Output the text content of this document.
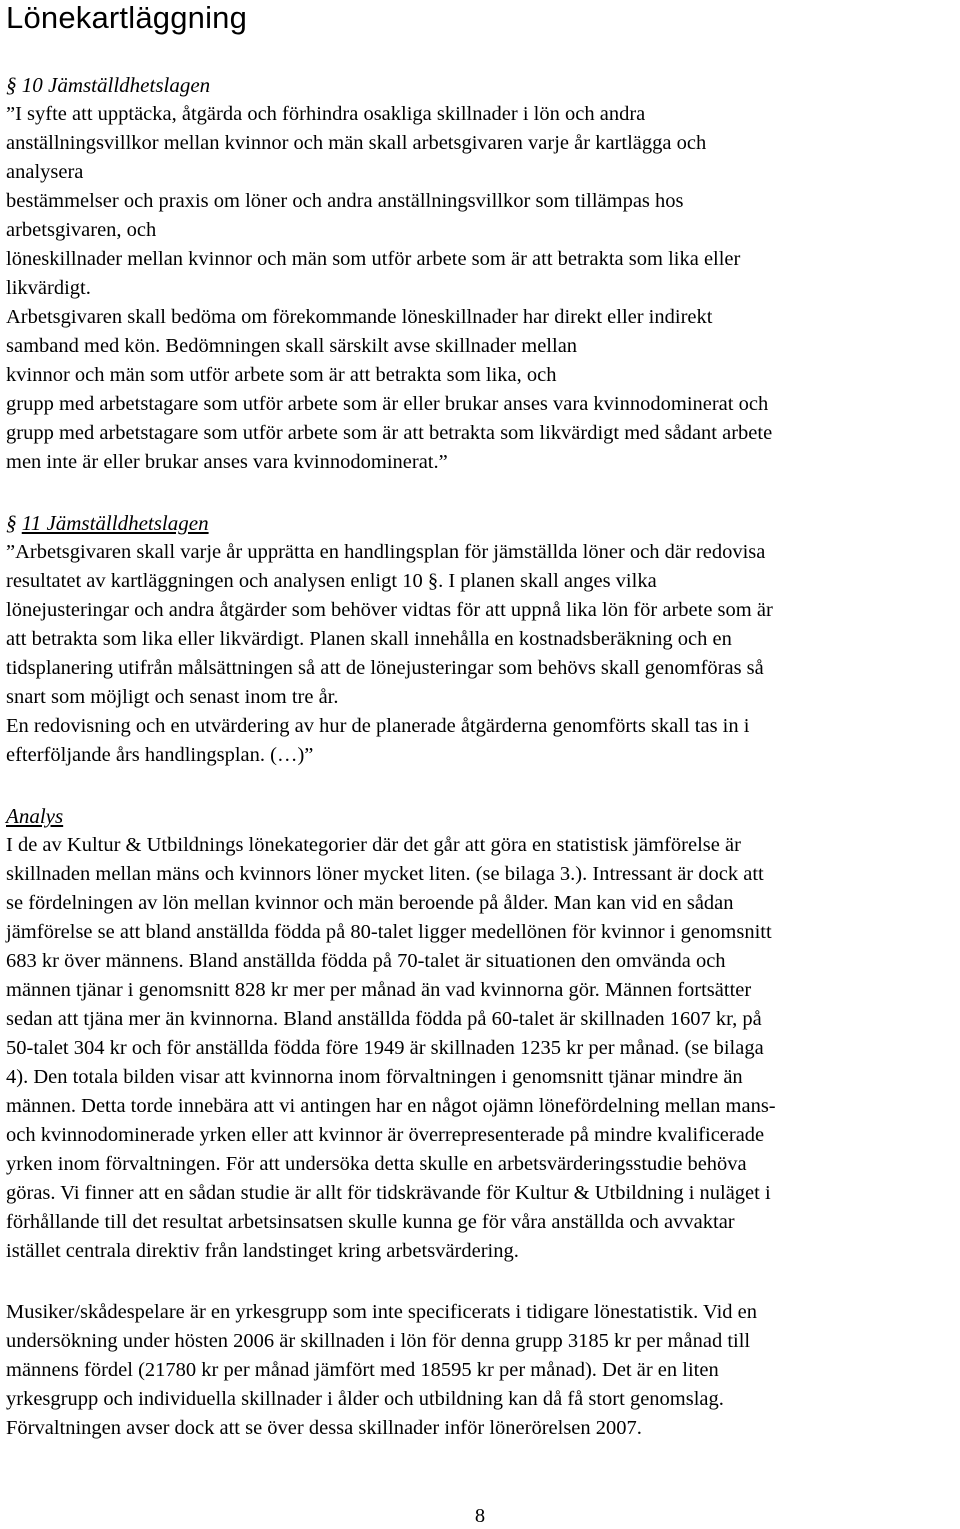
Lönekartläggning
§ 10 Jämställdhetslagen
”I syfte att upptäcka, åtgärda och förhindra osakliga skillnader i lön och andra
anställningsvillkor mellan kvinnor och män skall arbetsgivaren varje år kartlägga och
analysera
bestämmelser och praxis om löner och andra anställningsvillkor som tillämpas hos
arbetsgivaren, och
löneskillnader mellan kvinnor och män som utför arbete som är att betrakta som lika eller
likvärdigt.
Arbetsgivaren skall bedöma om förekommande löneskillnader har direkt eller indirekt
samband med kön. Bedömningen skall särskilt avse skillnader mellan
kvinnor och män som utför arbete som är att betrakta som lika, och
grupp med arbetstagare som utför arbete som är eller brukar anses vara kvinnodominerat och
grupp med arbetstagare som utför arbete som är att betrakta som likvärdigt med sådant arbete
men inte är eller brukar anses vara kvinnodominerat.”
§ 11 Jämställdhetslagen
”Arbetsgivaren skall varje år upprätta en handlingsplan för jämställda löner och där redovisa
resultatet av kartläggningen och analysen enligt 10 §. I planen skall anges vilka
lönejusteringar och andra åtgärder som behöver vidtas för att uppnå lika lön för arbete som är
att betrakta som lika eller likvärdigt. Planen skall innehålla en kostnadsberäkning och en
tidsplanering utifrån målsättningen så att de lönejusteringar som behövs skall genomföras så
snart som möjligt och senast inom tre år.
En redovisning och en utvärdering av hur de planerade åtgärderna genomförts skall tas in i
efterföljande års handlingsplan. (…)”
Analys
I de av Kultur & Utbildnings lönekategorier där det går att göra en statistisk jämförelse är
skillnaden mellan mäns och kvinnors löner mycket liten. (se bilaga 3.). Intressant är dock att
se fördelningen av lön mellan kvinnor och män beroende på ålder. Man kan vid en sådan
jämförelse se att bland anställda födda på 80-talet ligger medellönen för kvinnor i genomsnitt
683 kr över männens. Bland anställda födda på 70-talet är situationen den omvända och
männen tjänar i genomsnitt 828 kr mer per månad än vad kvinnorna gör. Männen fortsätter
sedan att tjäna mer än kvinnorna. Bland anställda födda på 60-talet är skillnaden 1607 kr, på
50-talet 304 kr och för anställda födda före 1949 är skillnaden 1235 kr per månad. (se bilaga
4). Den totala bilden visar att kvinnorna inom förvaltningen i genomsnitt tjänar mindre än
männen. Detta torde innebära att vi antingen har en något ojämn lönefördelning mellan mans-
och kvinnodominerade yrken eller att kvinnor är överrepresenterade på mindre kvalificerade
yrken inom förvaltningen. För att undersöka detta skulle en arbetsvärderingsstudie behöva
göras. Vi finner att en sådan studie är allt för tidskrävande för Kultur & Utbildning i nuläget i
förhållande till det resultat arbetsinsatsen skulle kunna ge för våra anställda och avvaktar
istället centrala direktiv från landstinget kring arbetsvärdering.
Musiker/skådespelare är en yrkesgrupp som inte specificerats i tidigare lönestatistik. Vid en
undersökning under hösten 2006 är skillnaden i lön för denna grupp 3185 kr per månad till
männens fördel (21780 kr per månad jämfört med 18595 kr per månad). Det är en liten
yrkesgrupp och individuella skillnader i ålder och utbildning kan då få stort genomslag.
Förvaltningen avser dock att se över dessa skillnader inför lönerörelsen 2007.
8
